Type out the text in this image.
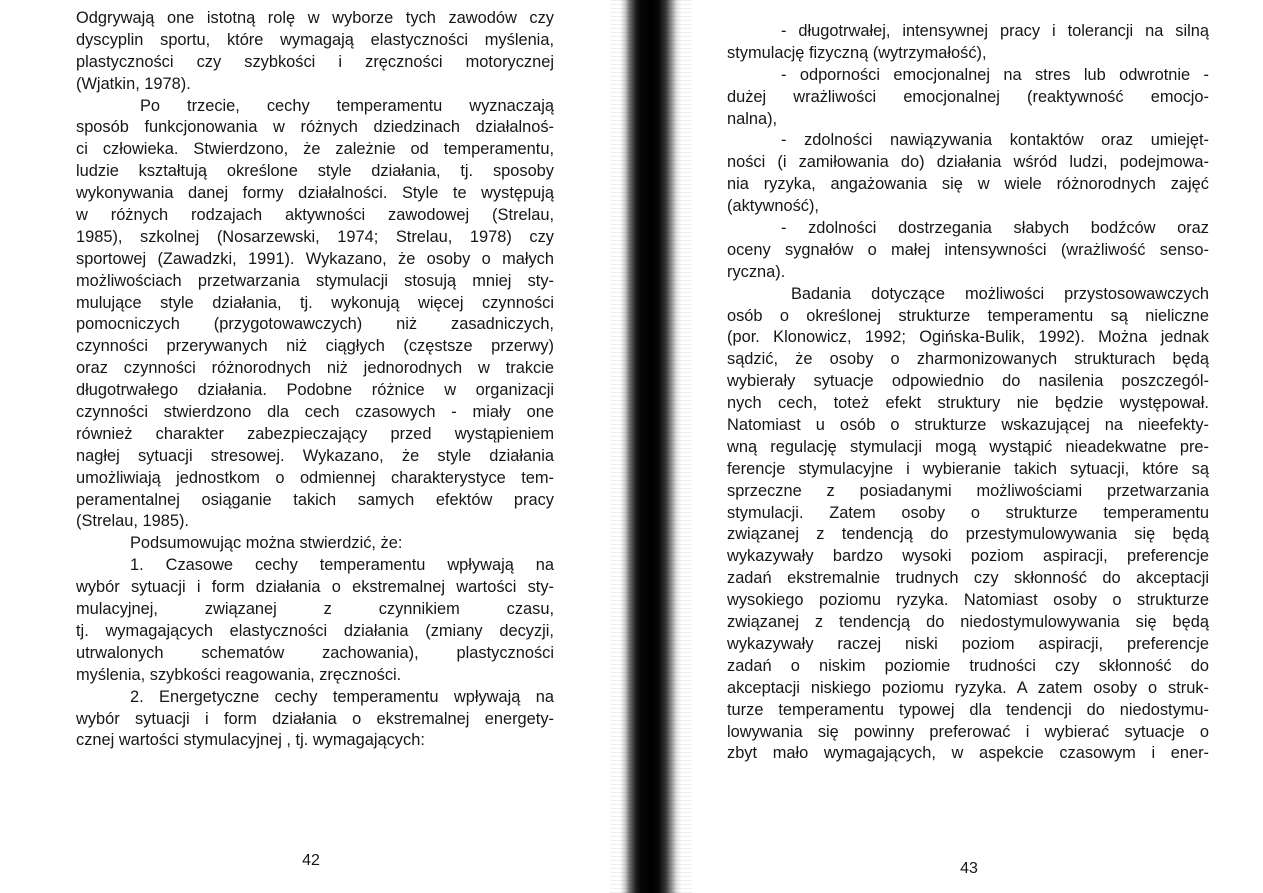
Odgrywają one istotną rolę w wyborze tych zawodów czy
dyscyplin sportu, które wymagają elastyczności myślenia,
plastyczności czy szybkości i zręczności motorycznej
(Wjatkin, 1978).
Po trzecie, cechy temperamentu wyznaczają
sposób funkcjonowania w różnych dziedzinach działalnoś-
ci człowieka. Stwierdzono, że zależnie od temperamentu,
ludzie kształtują określone style działania, tj. sposoby
wykonywania danej formy działalności. Style te występują
w różnych rodzajach aktywności zawodowej (Strelau,
1985), szkolnej (Nosarzewski, 1974; Strelau, 1978) czy
sportowej (Zawadzki, 1991). Wykazano, że osoby o małych
możliwościach przetwarzania stymulacji stosują mniej sty-
mulujące style działania, tj. wykonują więcej czynności
pomocniczych (przygotowawczych) niż zasadniczych,
czynności przerywanych niż ciągłych (częstsze przerwy)
oraz czynności różnorodnych niż jednorodnych w trakcie
długotrwałego działania. Podobne różnice w organizacji
czynności stwierdzono dla cech czasowych - miały one
również charakter zabezpieczający przed wystąpieniem
nagłej sytuacji stresowej. Wykazano, że style działania
umożliwiają jednostkom o odmiennej charakterystyce tem-
peramentalnej osiąganie takich samych efektów pracy
(Strelau, 1985).
Podsumowując można stwierdzić, że:
1. Czasowe cechy temperamentu wpływają na
wybór sytuacji i form działania o ekstremalnej wartości sty-
mulacyjnej, związanej z czynnikiem czasu,
tj. wymagających elastyczności działania (zmiany decyzji,
utrwalonych schematów zachowania), plastyczności
myślenia, szybkości reagowania, zręczności.
2. Energetyczne cechy temperamentu wpływają na
wybór sytuacji i form działania o ekstremalnej energety-
cznej wartości stymulacyjnej , tj. wymagających:
42
- długotrwałej, intensywnej pracy i tolerancji na silną
stymulację fizyczną (wytrzymałość),
- odporności emocjonalnej na stres lub odwrotnie -
dużej wrażliwości emocjonalnej (reaktywność emocjo-
nalna),
- zdolności nawiązywania kontaktów oraz umiejęt-
ności (i zamiłowania do) działania wśród ludzi, podejmowa-
nia ryzyka, angażowania się w wiele różnorodnych zajęć
(aktywność),
- zdolności dostrzegania słabych bodźców oraz
oceny sygnałów o małej intensywności (wrażliwość senso-
ryczna).
Badania dotyczące możliwości przystosowawczych
osób o określonej strukturze temperamentu są nieliczne
(por. Klonowicz, 1992; Ogińska-Bulik, 1992). Można jednak
sądzić, że osoby o zharmonizowanych strukturach będą
wybierały sytuacje odpowiednio do nasilenia poszczegól-
nych cech, toteż efekt struktury nie będzie występował.
Natomiast u osób o strukturze wskazującej na nieefekty-
wną regulację stymulacji mogą wystąpić nieadekwatne pre-
ferencje stymulacyjne i wybieranie takich sytuacji, które są
sprzeczne z posiadanymi możliwościami przetwarzania
stymulacji. Zatem osoby o strukturze temperamentu
związanej z tendencją do przestymulowywania się będą
wykazywały bardzo wysoki poziom aspiracji, preferencje
zadań ekstremalnie trudnych czy skłonność do akceptacji
wysokiego poziomu ryzyka. Natomiast osoby o strukturze
związanej z tendencją do niedostymulowywania się będą
wykazywały raczej niski poziom aspiracji, preferencje
zadań o niskim poziomie trudności czy skłonność do
akceptacji niskiego poziomu ryzyka. A zatem osoby o struk-
turze temperamentu typowej dla tendencji do niedostymu-
lowywania się powinny preferować i wybierać sytuacje o
zbyt mało wymagających, w aspekcie czasowym i ener-
43
